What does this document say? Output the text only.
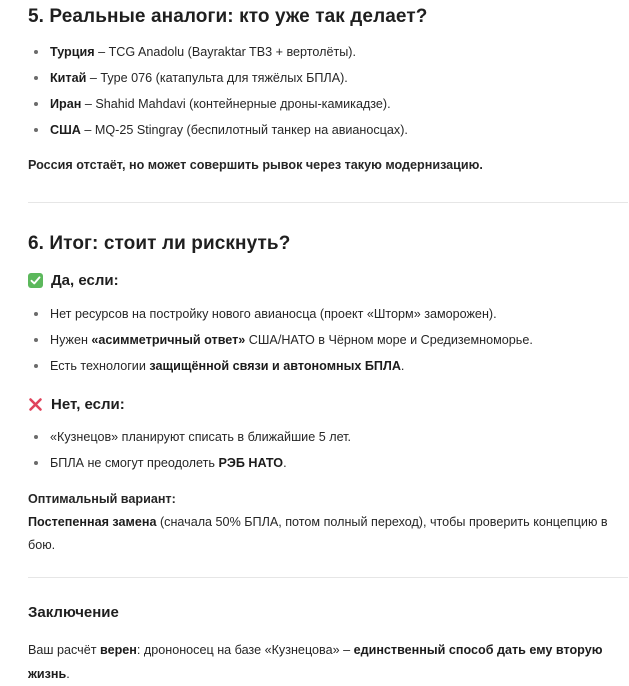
5. Реальные аналоги: кто уже так делает?
Турция – TCG Anadolu (Bayraktar TB3 + вертолёты).
Китай – Type 076 (катапульта для тяжёлых БПЛА).
Иран – Shahid Mahdavi (контейнерные дроны-камикадзе).
США – MQ-25 Stingray (беспилотный танкер на авианосцах).

Россия отстаёт, но может совершить рывок через такую модернизацию.

6. Итог: стоит ли рискнуть?
Да, если:
Нет ресурсов на постройку нового авианосца (проект «Шторм» заморожен).
Нужен «асимметричный ответ» США/НАТО в Чёрном море и Средиземноморье.
Есть технологии защищённой связи и автономных БПЛА.
Нет, если:
«Кузнецов» планируют списать в ближайшие 5 лет.
БПЛА не смогут преодолеть РЭБ НАТО.

Оптимальный вариант:

Постепенная замена (сначала 50% БПЛА, потом полный переход), чтобы проверить концепцию в
бою.

Заключение

Ваш расчёт верен: дрононосец на базе «Кузнецова» – единственный способ дать ему вторую
жизнь.
